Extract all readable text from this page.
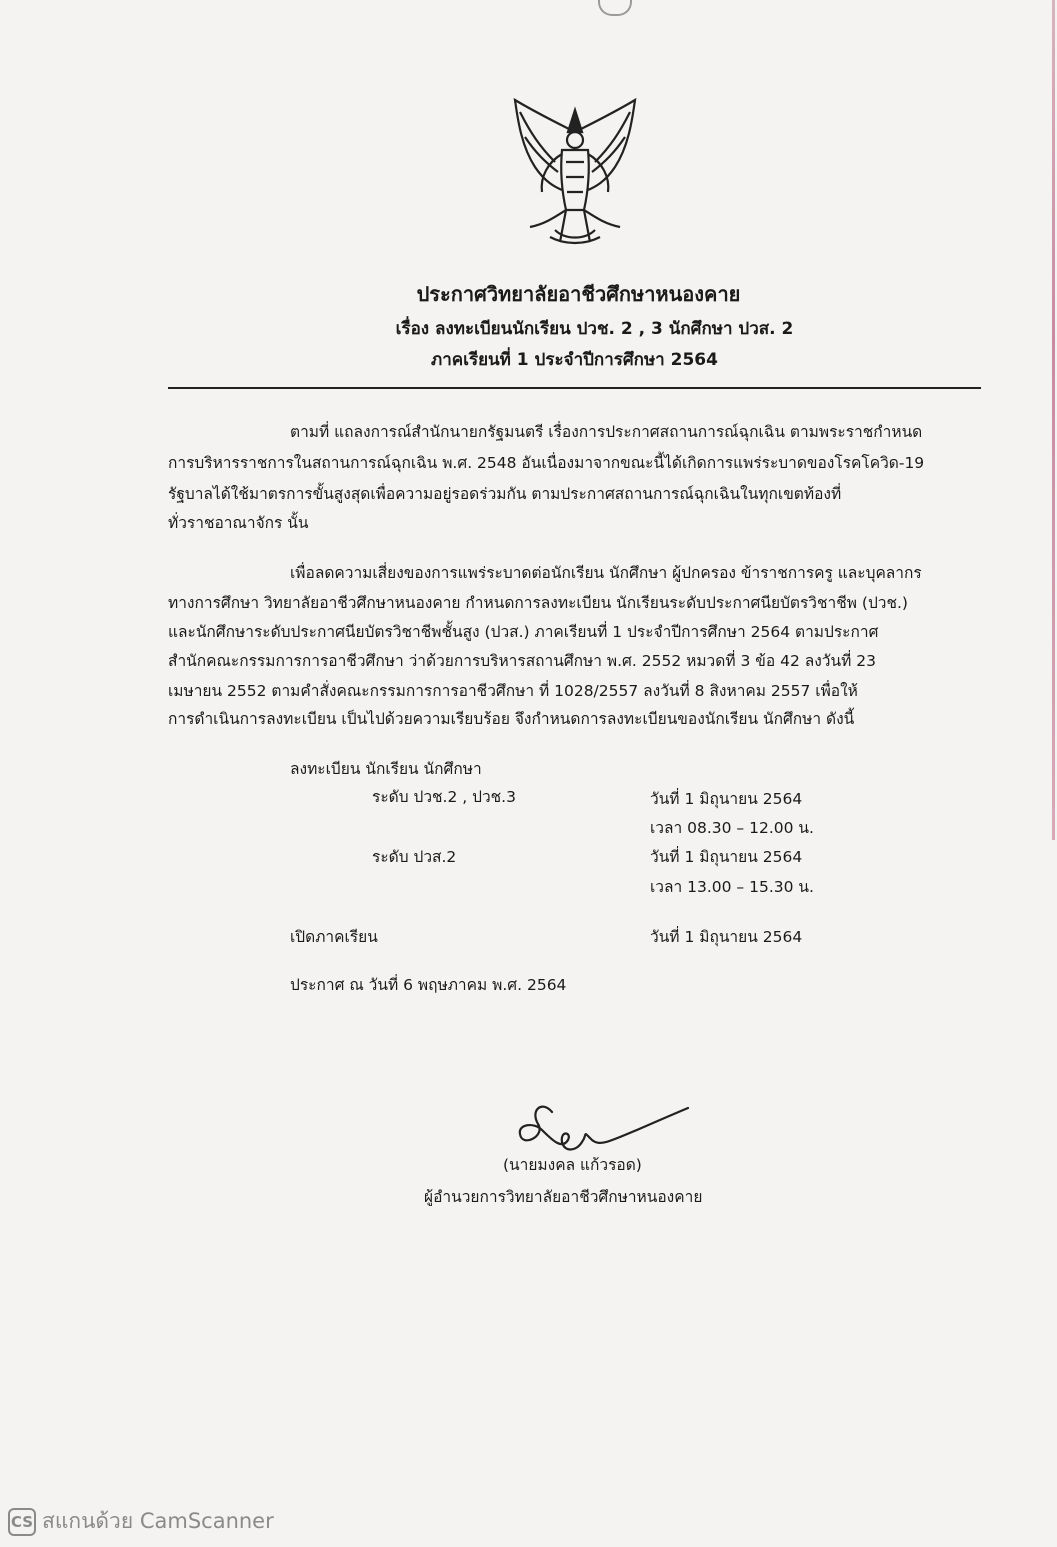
ประกาศวิทยาลัยอาชีวศึกษาหนองคาย
เรื่อง ลงทะเบียนนักเรียน ปวช. 2 , 3 นักศึกษา ปวส. 2
ภาคเรียนที่ 1 ประจำปีการศึกษา 2564
ตามที่ แถลงการณ์สำนักนายกรัฐมนตรี เรื่องการประกาศสถานการณ์ฉุกเฉิน ตามพระราชกำหนด
การบริหารราชการในสถานการณ์ฉุกเฉิน พ.ศ. 2548 อันเนื่องมาจากขณะนี้ได้เกิดการแพร่ระบาดของโรคโควิด-19
รัฐบาลได้ใช้มาตรการขั้นสูงสุดเพื่อความอยู่รอดร่วมกัน ตามประกาศสถานการณ์ฉุกเฉินในทุกเขตท้องที่
ทั่วราชอาณาจักร นั้น
เพื่อลดความเสี่ยงของการแพร่ระบาดต่อนักเรียน นักศึกษา ผู้ปกครอง ข้าราชการครู และบุคลากร
ทางการศึกษา วิทยาลัยอาชีวศึกษาหนองคาย กำหนดการลงทะเบียน นักเรียนระดับประกาศนียบัตรวิชาชีพ (ปวช.)
และนักศึกษาระดับประกาศนียบัตรวิชาชีพชั้นสูง (ปวส.) ภาคเรียนที่ 1 ประจำปีการศึกษา 2564 ตามประกาศ
สำนักคณะกรรมการการอาชีวศึกษา ว่าด้วยการบริหารสถานศึกษา พ.ศ. 2552 หมวดที่ 3 ข้อ 42 ลงวันที่ 23
เมษายน 2552 ตามคำสั่งคณะกรรมการการอาชีวศึกษา ที่ 1028/2557 ลงวันที่ 8 สิงหาคม 2557 เพื่อให้
การดำเนินการลงทะเบียน เป็นไปด้วยความเรียบร้อย จึงกำหนดการลงทะเบียนของนักเรียน นักศึกษา ดังนี้
ลงทะเบียน นักเรียน นักศึกษา
ระดับ ปวช.2 , ปวช.3	วันที่ 1 มิถุนายน 2564
เวลา 08.30 – 12.00 น.
ระดับ ปวส.2	วันที่ 1 มิถุนายน 2564
เวลา 13.00 – 15.30 น.
เปิดภาคเรียน	วันที่ 1 มิถุนายน 2564
ประกาศ ณ วันที่ 6 พฤษภาคม พ.ศ. 2564
(นายมงคล แก้วรอด)
ผู้อำนวยการวิทยาลัยอาชีวศึกษาหนองคาย
CS สแกนด้วย CamScanner
